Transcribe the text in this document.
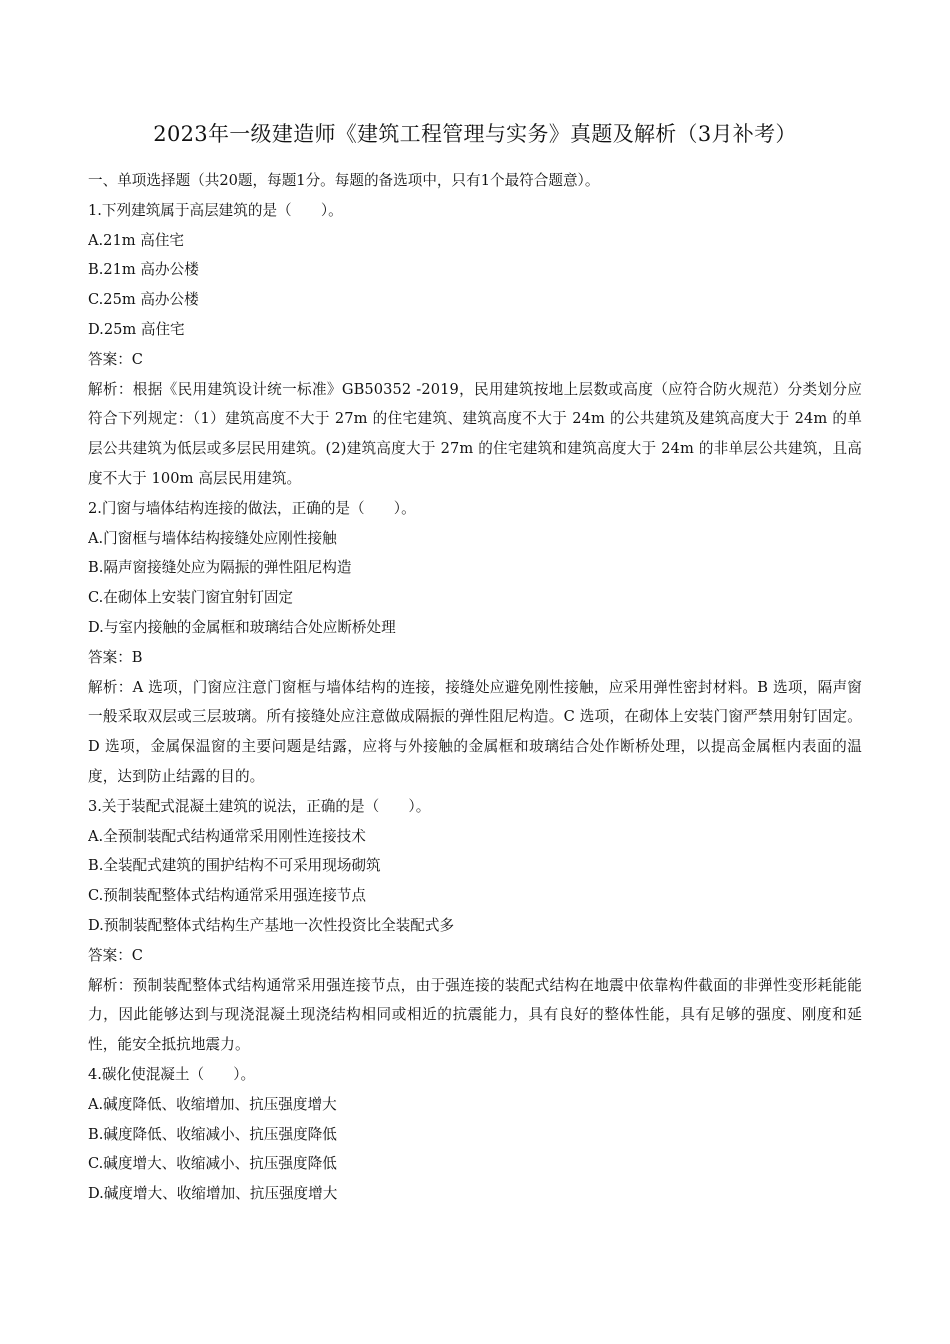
2023年一级建造师《建筑工程管理与实务》真题及解析（3月补考）
一、单项选择题（共20题，每题1分。每题的备选项中，只有1个最符合题意）。
1.下列建筑属于高层建筑的是（　　）。
A.21m 高住宅
B.21m 高办公楼
C.25m 高办公楼
D.25m 高住宅
答案：C
解析：根据《民用建筑设计统一标准》GB50352 -2019，民用建筑按地上层数或高度（应符合防火规范）分类划分应符合下列规定：（1）建筑高度不大于 27m 的住宅建筑、建筑高度不大于 24m 的公共建筑及建筑高度大于 24m 的单层公共建筑为低层或多层民用建筑。(2)建筑高度大于 27m 的住宅建筑和建筑高度大于 24m 的非单层公共建筑，且高度不大于 100m 高层民用建筑。
2.门窗与墙体结构连接的做法，正确的是（　　）。
A.门窗框与墙体结构接缝处应刚性接触
B.隔声窗接缝处应为隔振的弹性阻尼构造
C.在砌体上安装门窗宜射钉固定
D.与室内接触的金属框和玻璃结合处应断桥处理
答案：B
解析：A 选项，门窗应注意门窗框与墙体结构的连接，接缝处应避免刚性接触，应采用弹性密封材料。B 选项，隔声窗一般采取双层或三层玻璃。所有接缝处应注意做成隔振的弹性阻尼构造。C 选项，在砌体上安装门窗严禁用射钉固定。D 选项，金属保温窗的主要问题是结露，应将与外接触的金属框和玻璃结合处作断桥处理，以提高金属框内表面的温度，达到防止结露的目的。
3.关于装配式混凝土建筑的说法，正确的是（　　）。
A.全预制装配式结构通常采用刚性连接技术
B.全装配式建筑的围护结构不可采用现场砌筑
C.预制装配整体式结构通常采用强连接节点
D.预制装配整体式结构生产基地一次性投资比全装配式多
答案：C
解析：预制装配整体式结构通常采用强连接节点，由于强连接的装配式结构在地震中依靠构件截面的非弹性变形耗能能力，因此能够达到与现浇混凝土现浇结构相同或相近的抗震能力，具有良好的整体性能，具有足够的强度、刚度和延性，能安全抵抗地震力。
4.碳化使混凝土（　　）。
A.碱度降低、收缩增加、抗压强度增大
B.碱度降低、收缩减小、抗压强度降低
C.碱度增大、收缩减小、抗压强度降低
D.碱度增大、收缩增加、抗压强度增大
